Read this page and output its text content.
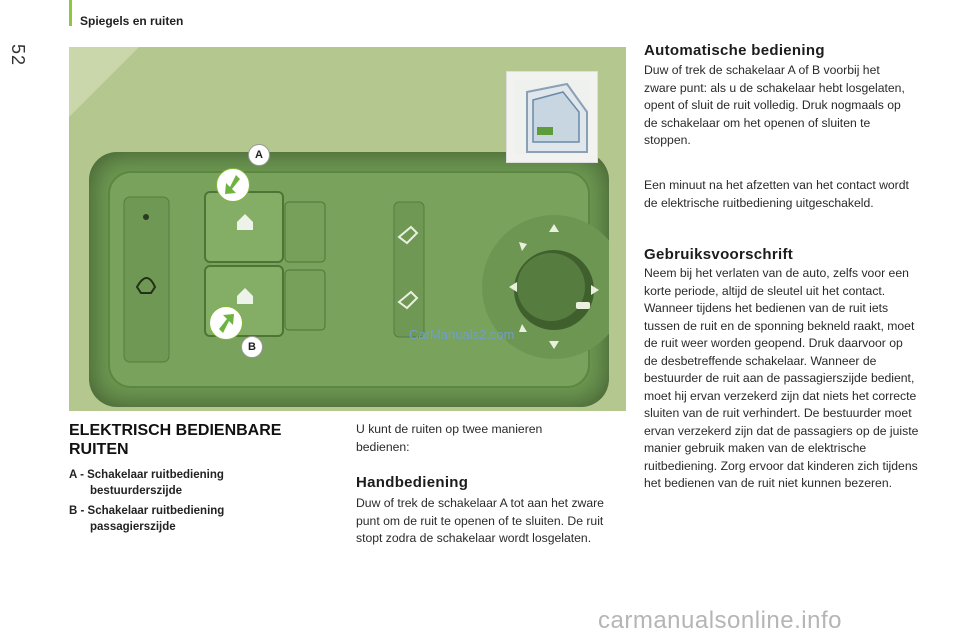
Spiegels en ruiten
52
A
B
CarManuals2.com
ELEKTRISCH BEDIENBARE RUITEN
A - Schakelaar ruitbediening
bestuurderszijde
B - Schakelaar ruitbediening
passagierszijde
U kunt de ruiten op twee manieren bedienen:
Handbediening
Duw of trek de schakelaar A tot aan het zware punt om de ruit te openen of te sluiten. De ruit stopt zodra de schakelaar wordt losgelaten.
Automatische bediening
Duw of trek de schakelaar A of B voorbij het zware punt: als u de schakelaar hebt losgelaten, opent of sluit de ruit volledig. Druk nogmaals op de schakelaar om het openen of sluiten te stoppen.
Een minuut na het afzetten van het contact wordt de elektrische ruitbediening uitgeschakeld.
Gebruiksvoorschrift
Neem bij het verlaten van de auto, zelfs voor een korte periode, altijd de sleutel uit het contact. Wanneer tijdens het bedienen van de ruit iets tussen de ruit en de sponning bekneld raakt, moet de ruit weer worden geopend. Druk daarvoor op de desbetreffende schakelaar. Wanneer de bestuurder de ruit aan de passagierszijde bedient, moet hij ervan verzekerd zijn dat niets het correcte sluiten van de ruit verhindert. De bestuurder moet ervan verzekerd zijn dat de passagiers op de juiste manier gebruik maken van de elektrische ruitbediening. Zorg ervoor dat kinderen zich tijdens het bedienen van de ruit niet kunnen bezeren.
carmanualsonline.info
